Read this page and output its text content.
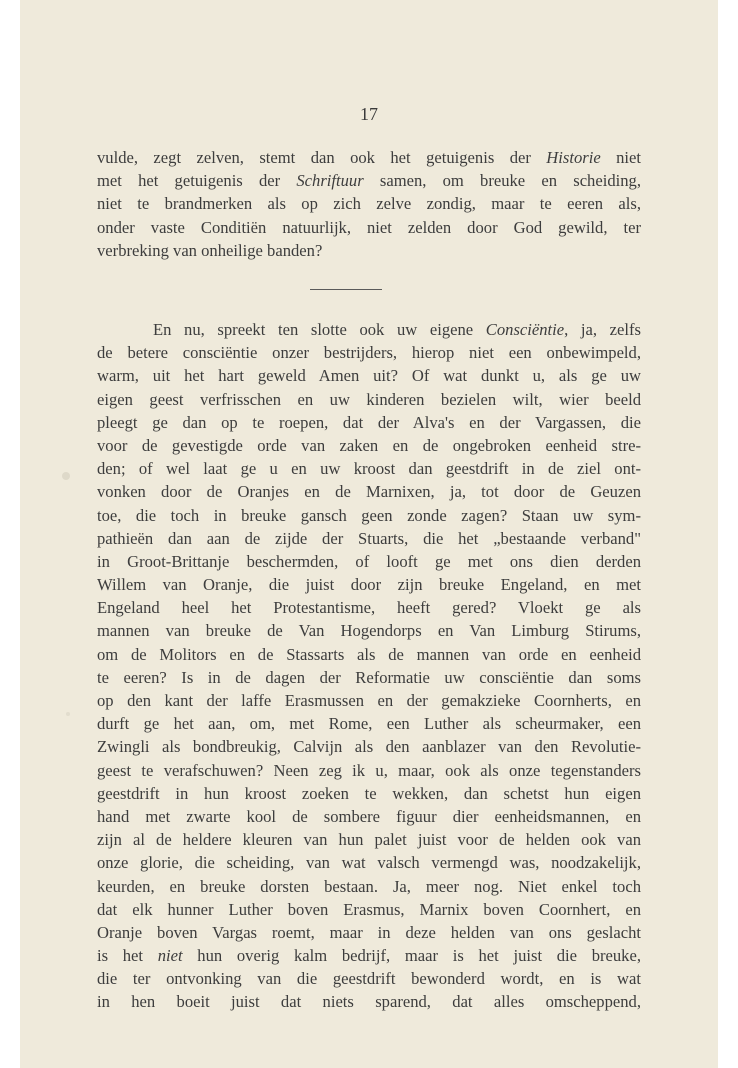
17
vulde, zegt zelven, stemt dan ook het getuigenis der Historie niet
met het getuigenis der Schriftuur samen, om breuke en scheiding,
niet te brandmerken als op zich zelve zondig, maar te eeren als,
onder vaste Conditiën natuurlijk, niet zelden door God gewild, ter
verbreking van onheilige banden?
En nu, spreekt ten slotte ook uw eigene Consciëntie, ja, zelfs
de betere consciëntie onzer bestrijders, hierop niet een onbewimpeld,
warm, uit het hart geweld Amen uit? Of wat dunkt u, als ge uw
eigen geest verfrisschen en uw kinderen bezielen wilt, wier beeld
pleegt ge dan op te roepen, dat der Alva's en der Vargassen, die
voor de gevestigde orde van zaken en de ongebroken eenheid stre-
den; of wel laat ge u en uw kroost dan geestdrift in de ziel ont-
vonken door de Oranjes en de Marnixen, ja, tot door de Geuzen
toe, die toch in breuke gansch geen zonde zagen? Staan uw sym-
pathieën dan aan de zijde der Stuarts, die het „bestaande verband"
in Groot-Brittanje beschermden, of looft ge met ons dien derden
Willem van Oranje, die juist door zijn breuke Engeland, en met
Engeland heel het Protestantisme, heeft gered? Vloekt ge als
mannen van breuke de Van Hogendorps en Van Limburg Stirums,
om de Molitors en de Stassarts als de mannen van orde en eenheid
te eeren? Is in de dagen der Reformatie uw consciëntie dan soms
op den kant der laffe Erasmussen en der gemakzieke Coornherts, en
durft ge het aan, om, met Rome, een Luther als scheurmaker, een
Zwingli als bondbreukig, Calvijn als den aanblazer van den Revolutie-
geest te verafschuwen? Neen zeg ik u, maar, ook als onze tegenstanders
geestdrift in hun kroost zoeken te wekken, dan schetst hun eigen
hand met zwarte kool de sombere figuur dier eenheidsmannen, en
zijn al de heldere kleuren van hun palet juist voor de helden ook van
onze glorie, die scheiding, van wat valsch vermengd was, noodzakelijk,
keurden, en breuke dorsten bestaan. Ja, meer nog. Niet enkel toch
dat elk hunner Luther boven Erasmus, Marnix boven Coornhert, en
Oranje boven Vargas roemt, maar in deze helden van ons geslacht
is het niet hun overig kalm bedrijf, maar is het juist die breuke,
die ter ontvonking van die geestdrift bewonderd wordt, en is wat
in hen boeit juist dat niets sparend, dat alles omscheppend,
